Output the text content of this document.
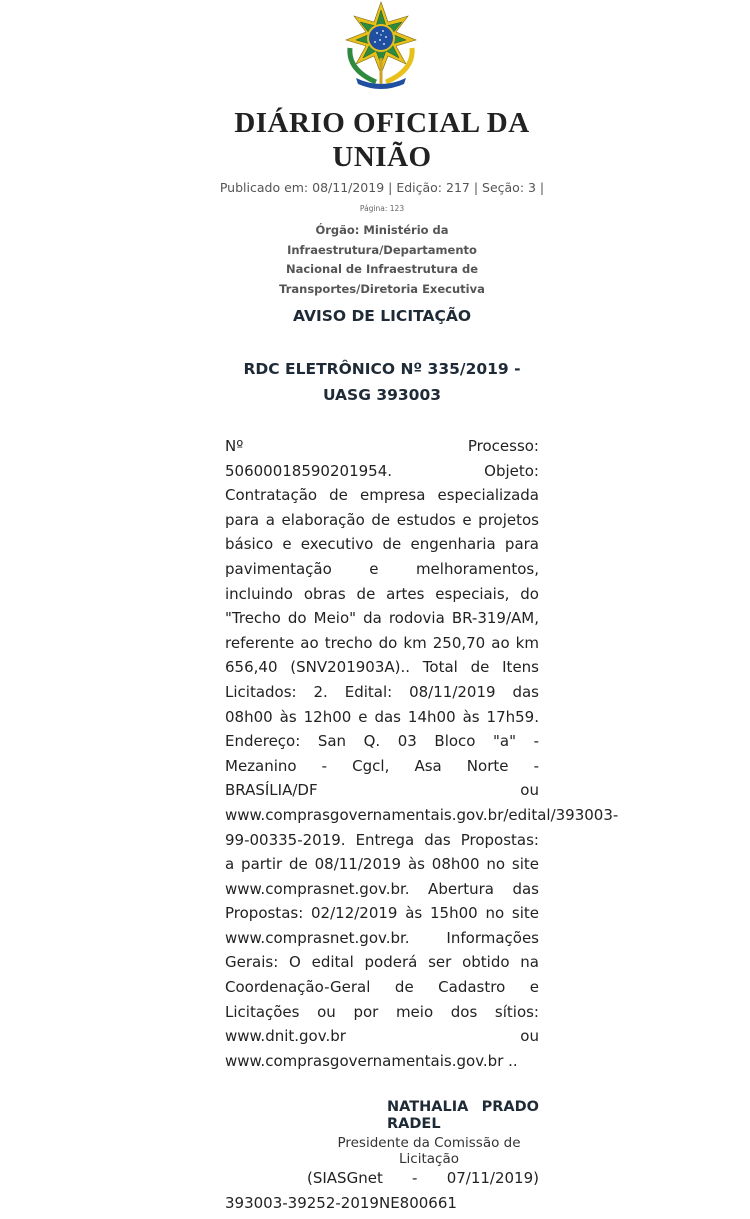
DIÁRIO OFICIAL DA
UNIÃO
Publicado em: 08/11/2019 | Edição: 217 | Seção: 3 |
Página: 123
Órgão: Ministério da Infraestrutura/Departamento
Nacional de Infraestrutura de
Transportes/Diretoria Executiva
AVISO DE LICITAÇÃO
RDC ELETRÔNICO Nº 335/2019 -
UASG 393003
Nº Processo:
50600018590201954. Objeto:
Contratação de empresa especializada
para a elaboração de estudos e projetos
básico e executivo de engenharia para
pavimentação e melhoramentos,
incluindo obras de artes especiais, do
"Trecho do Meio" da rodovia BR-319/AM,
referente ao trecho do km 250,70 ao km
656,40 (SNV201903A).. Total de Itens
Licitados: 2. Edital: 08/11/2019 das
08h00 às 12h00 e das 14h00 às 17h59.
Endereço: San Q. 03 Bloco "a" -
Mezanino - Cgcl, Asa Norte -
BRASÍLIA/DF ou
www.comprasgovernamentais.gov.br/edital/393003-
99-00335-2019. Entrega das Propostas:
a partir de 08/11/2019 às 08h00 no site
www.comprasnet.gov.br. Abertura das
Propostas: 02/12/2019 às 15h00 no site
www.comprasnet.gov.br. Informações
Gerais: O edital poderá ser obtido na
Coordenação-Geral de Cadastro e
Licitações ou por meio dos sítios:
www.dnit.gov.br ou
www.comprasgovernamentais.gov.br ..
NATHALIA PRADO
RADEL
Presidente da Comissão de
Licitação
(SIASGnet - 07/11/2019)
393003-39252-2019NE800661
